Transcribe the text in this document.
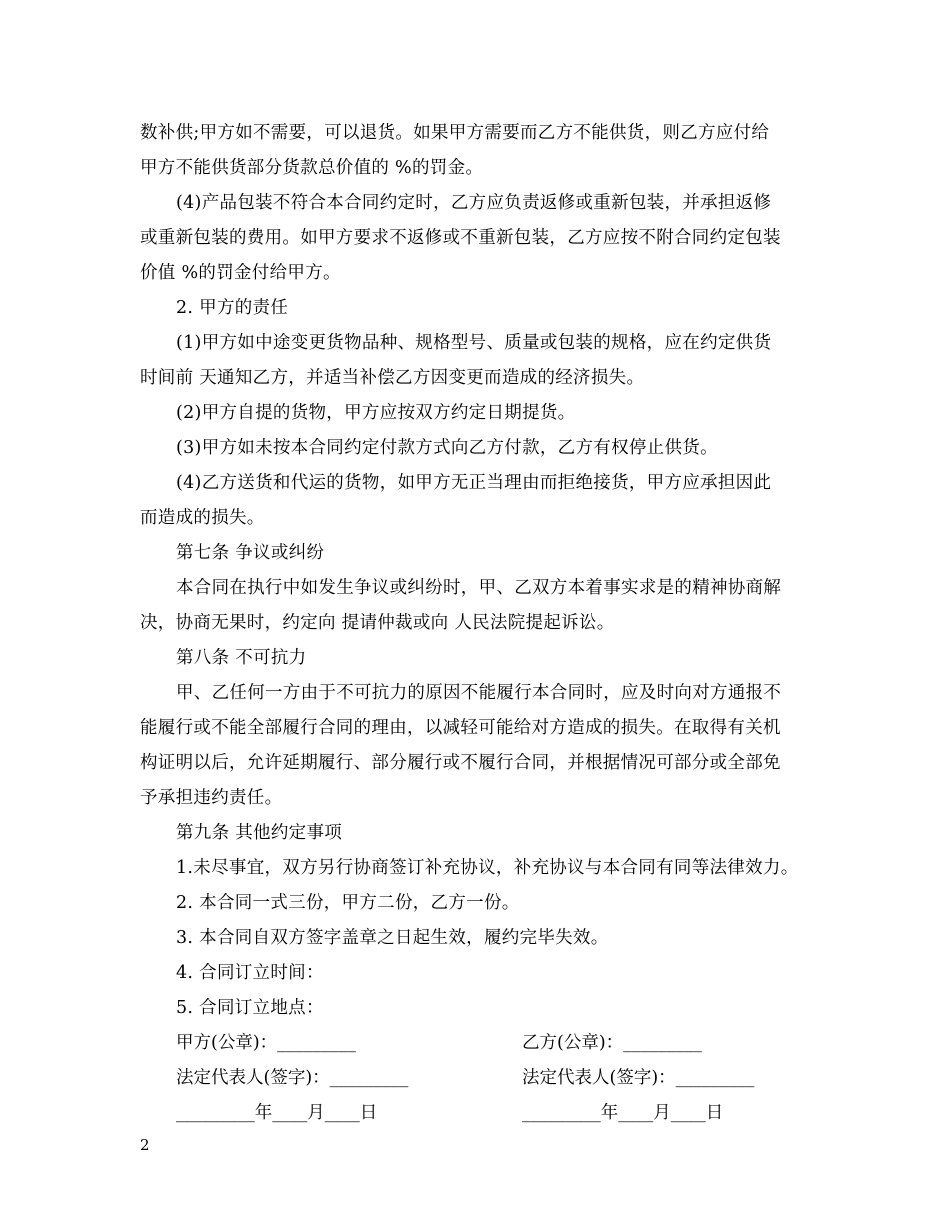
数补供;甲方如不需要，可以退货。如果甲方需要而乙方不能供货，则乙方应付给
甲方不能供货部分货款总价值的 %的罚金。
(4)产品包装不符合本合同约定时，乙方应负责返修或重新包装，并承担返修
或重新包装的费用。如甲方要求不返修或不重新包装，乙方应按不附合同约定包装
价值 %的罚金付给甲方。
2. 甲方的责任
(1)甲方如中途变更货物品种、规格型号、质量或包装的规格，应在约定供货
时间前 天通知乙方，并适当补偿乙方因变更而造成的经济损失。
(2)甲方自提的货物，甲方应按双方约定日期提货。
(3)甲方如未按本合同约定付款方式向乙方付款，乙方有权停止供货。
(4)乙方送货和代运的货物，如甲方无正当理由而拒绝接货，甲方应承担因此
而造成的损失。
第七条 争议或纠纷
本合同在执行中如发生争议或纠纷时，甲、乙双方本着事实求是的精神协商解
决，协商无果时，约定向 提请仲裁或向 人民法院提起诉讼。
第八条 不可抗力
甲、乙任何一方由于不可抗力的原因不能履行本合同时，应及时向对方通报不
能履行或不能全部履行合同的理由，以减轻可能给对方造成的损失。在取得有关机
构证明以后，允许延期履行、部分履行或不履行合同，并根据情况可部分或全部免
予承担违约责任。
第九条 其他约定事项
1.未尽事宜，双方另行协商签订补充协议，补充协议与本合同有同等法律效力。
2. 本合同一式三份，甲方二份，乙方一份。
3. 本合同自双方签字盖章之日起生效，履约完毕失效。
4. 合同订立时间：
5. 合同订立地点：
甲方(公章)：_________	乙方(公章)：_________
法定代表人(签字)：_________	法定代表人(签字)：_________
_________年____月____日	_________年____月____日
2
